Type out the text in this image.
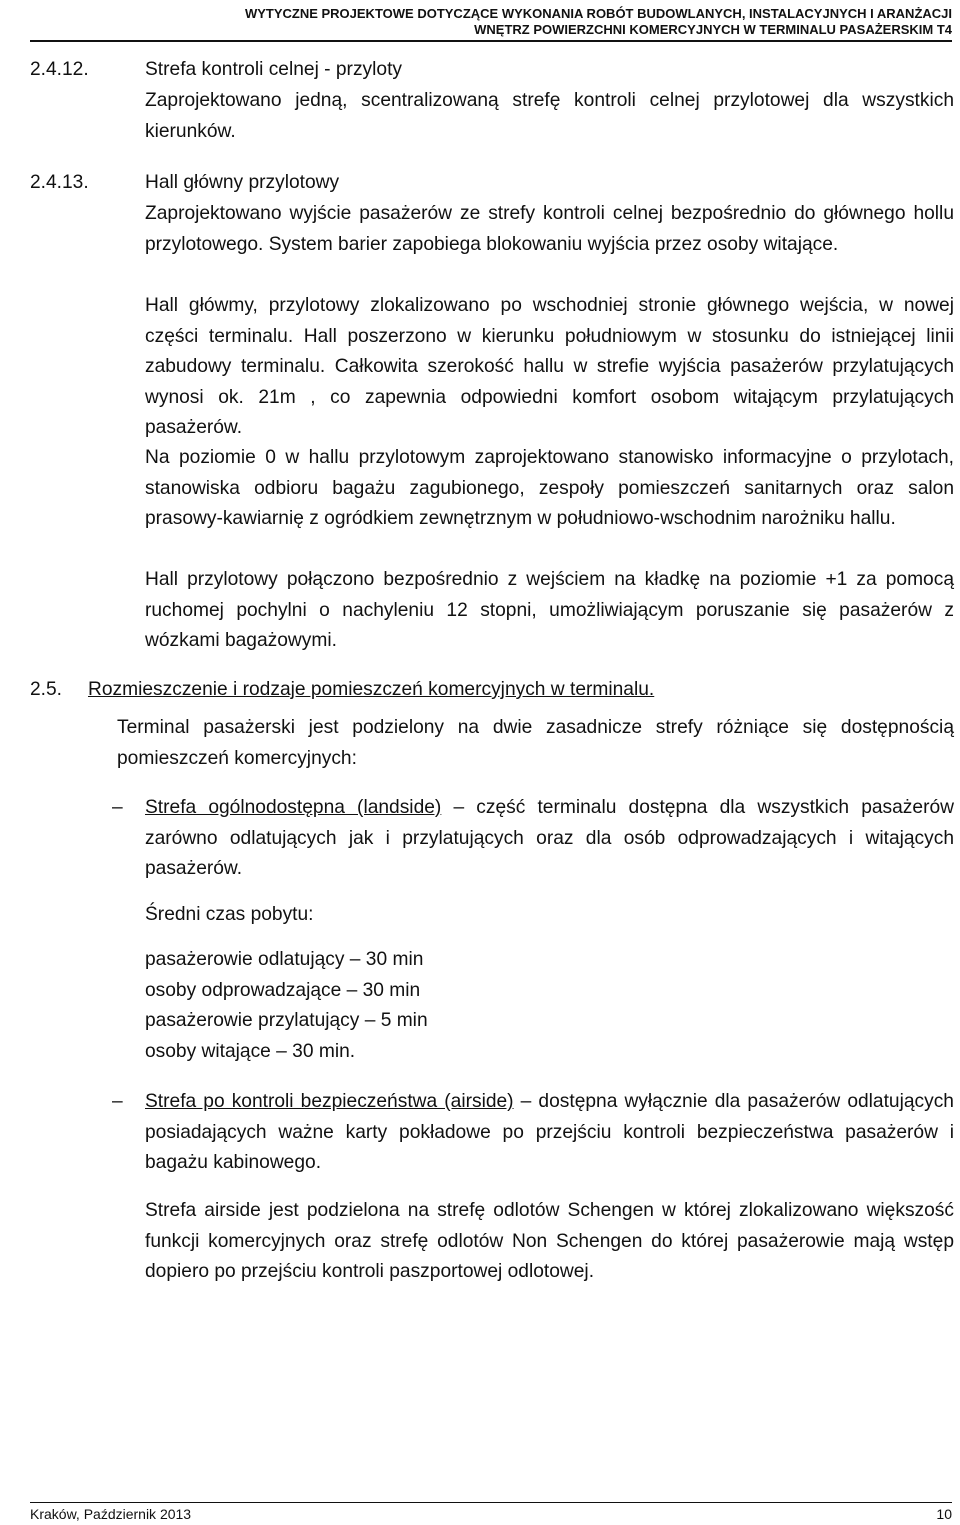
WYTYCZNE PROJEKTOWE DOTYCZĄCE WYKONANIA ROBÓT BUDOWLANYCH, INSTALACYJNYCH I ARANŻACJI
WNĘTRZ POWIERZCHNI KOMERCYJNYCH W TERMINALU PASAŻERSKIM T4
2.4.12.	Strefa kontroli celnej - przyloty
Zaprojektowano jedną, scentralizowaną strefę kontroli celnej przylotowej dla wszystkich kierunków.
2.4.13.	Hall główny przylotowy
Zaprojektowano wyjście pasażerów ze strefy kontroli celnej bezpośrednio do głównego hollu przylotowego. System barier zapobiega blokowaniu wyjścia przez osoby witające.
Hall główmy, przylotowy zlokalizowano po wschodniej stronie głównego wejścia, w nowej części terminalu. Hall poszerzono w kierunku południowym w stosunku do istniejącej linii zabudowy terminalu. Całkowita szerokość hallu w strefie wyjścia pasażerów przylatujących wynosi ok. 21m , co zapewnia odpowiedni komfort osobom witającym przylatujących pasażerów.
Na poziomie 0 w hallu przylotowym zaprojektowano stanowisko informacyjne o przylotach, stanowiska odbioru bagażu zagubionego, zespoły pomieszczeń sanitarnych oraz salon prasowy-kawiarnię z ogródkiem zewnętrznym w południowo-wschodnim narożniku hallu.
Hall przylotowy połączono bezpośrednio z wejściem na kładkę na poziomie +1 za pomocą ruchomej pochylni o nachyleniu 12 stopni, umożliwiającym poruszanie się pasażerów z wózkami bagażowymi.
2.5. Rozmieszczenie i rodzaje pomieszczeń komercyjnych w terminalu.
Terminal pasażerski jest podzielony na dwie zasadnicze strefy różniące się dostępnością pomieszczeń komercyjnych:
– Strefa ogólnodostępna (landside) – część terminalu dostępna dla wszystkich pasażerów zarówno odlatujących jak i przylatujących oraz dla osób odprowadzających i witających pasażerów.
Średni czas pobytu:
pasażerowie odlatujący – 30 min
osoby odprowadzające – 30 min
pasażerowie przylatujący – 5 min
osoby witające – 30 min.
– Strefa po kontroli bezpieczeństwa (airside) – dostępna wyłącznie dla pasażerów odlatujących posiadających ważne karty pokładowe po przejściu kontroli bezpieczeństwa pasażerów i bagażu kabinowego.
Strefa airside jest podzielona na strefę odlotów Schengen w której zlokalizowano większość funkcji komercyjnych oraz strefę odlotów Non Schengen do której pasażerowie mają wstęp dopiero po przejściu kontroli paszportowej odlotowej.
Kraków, Październik 2013	10
